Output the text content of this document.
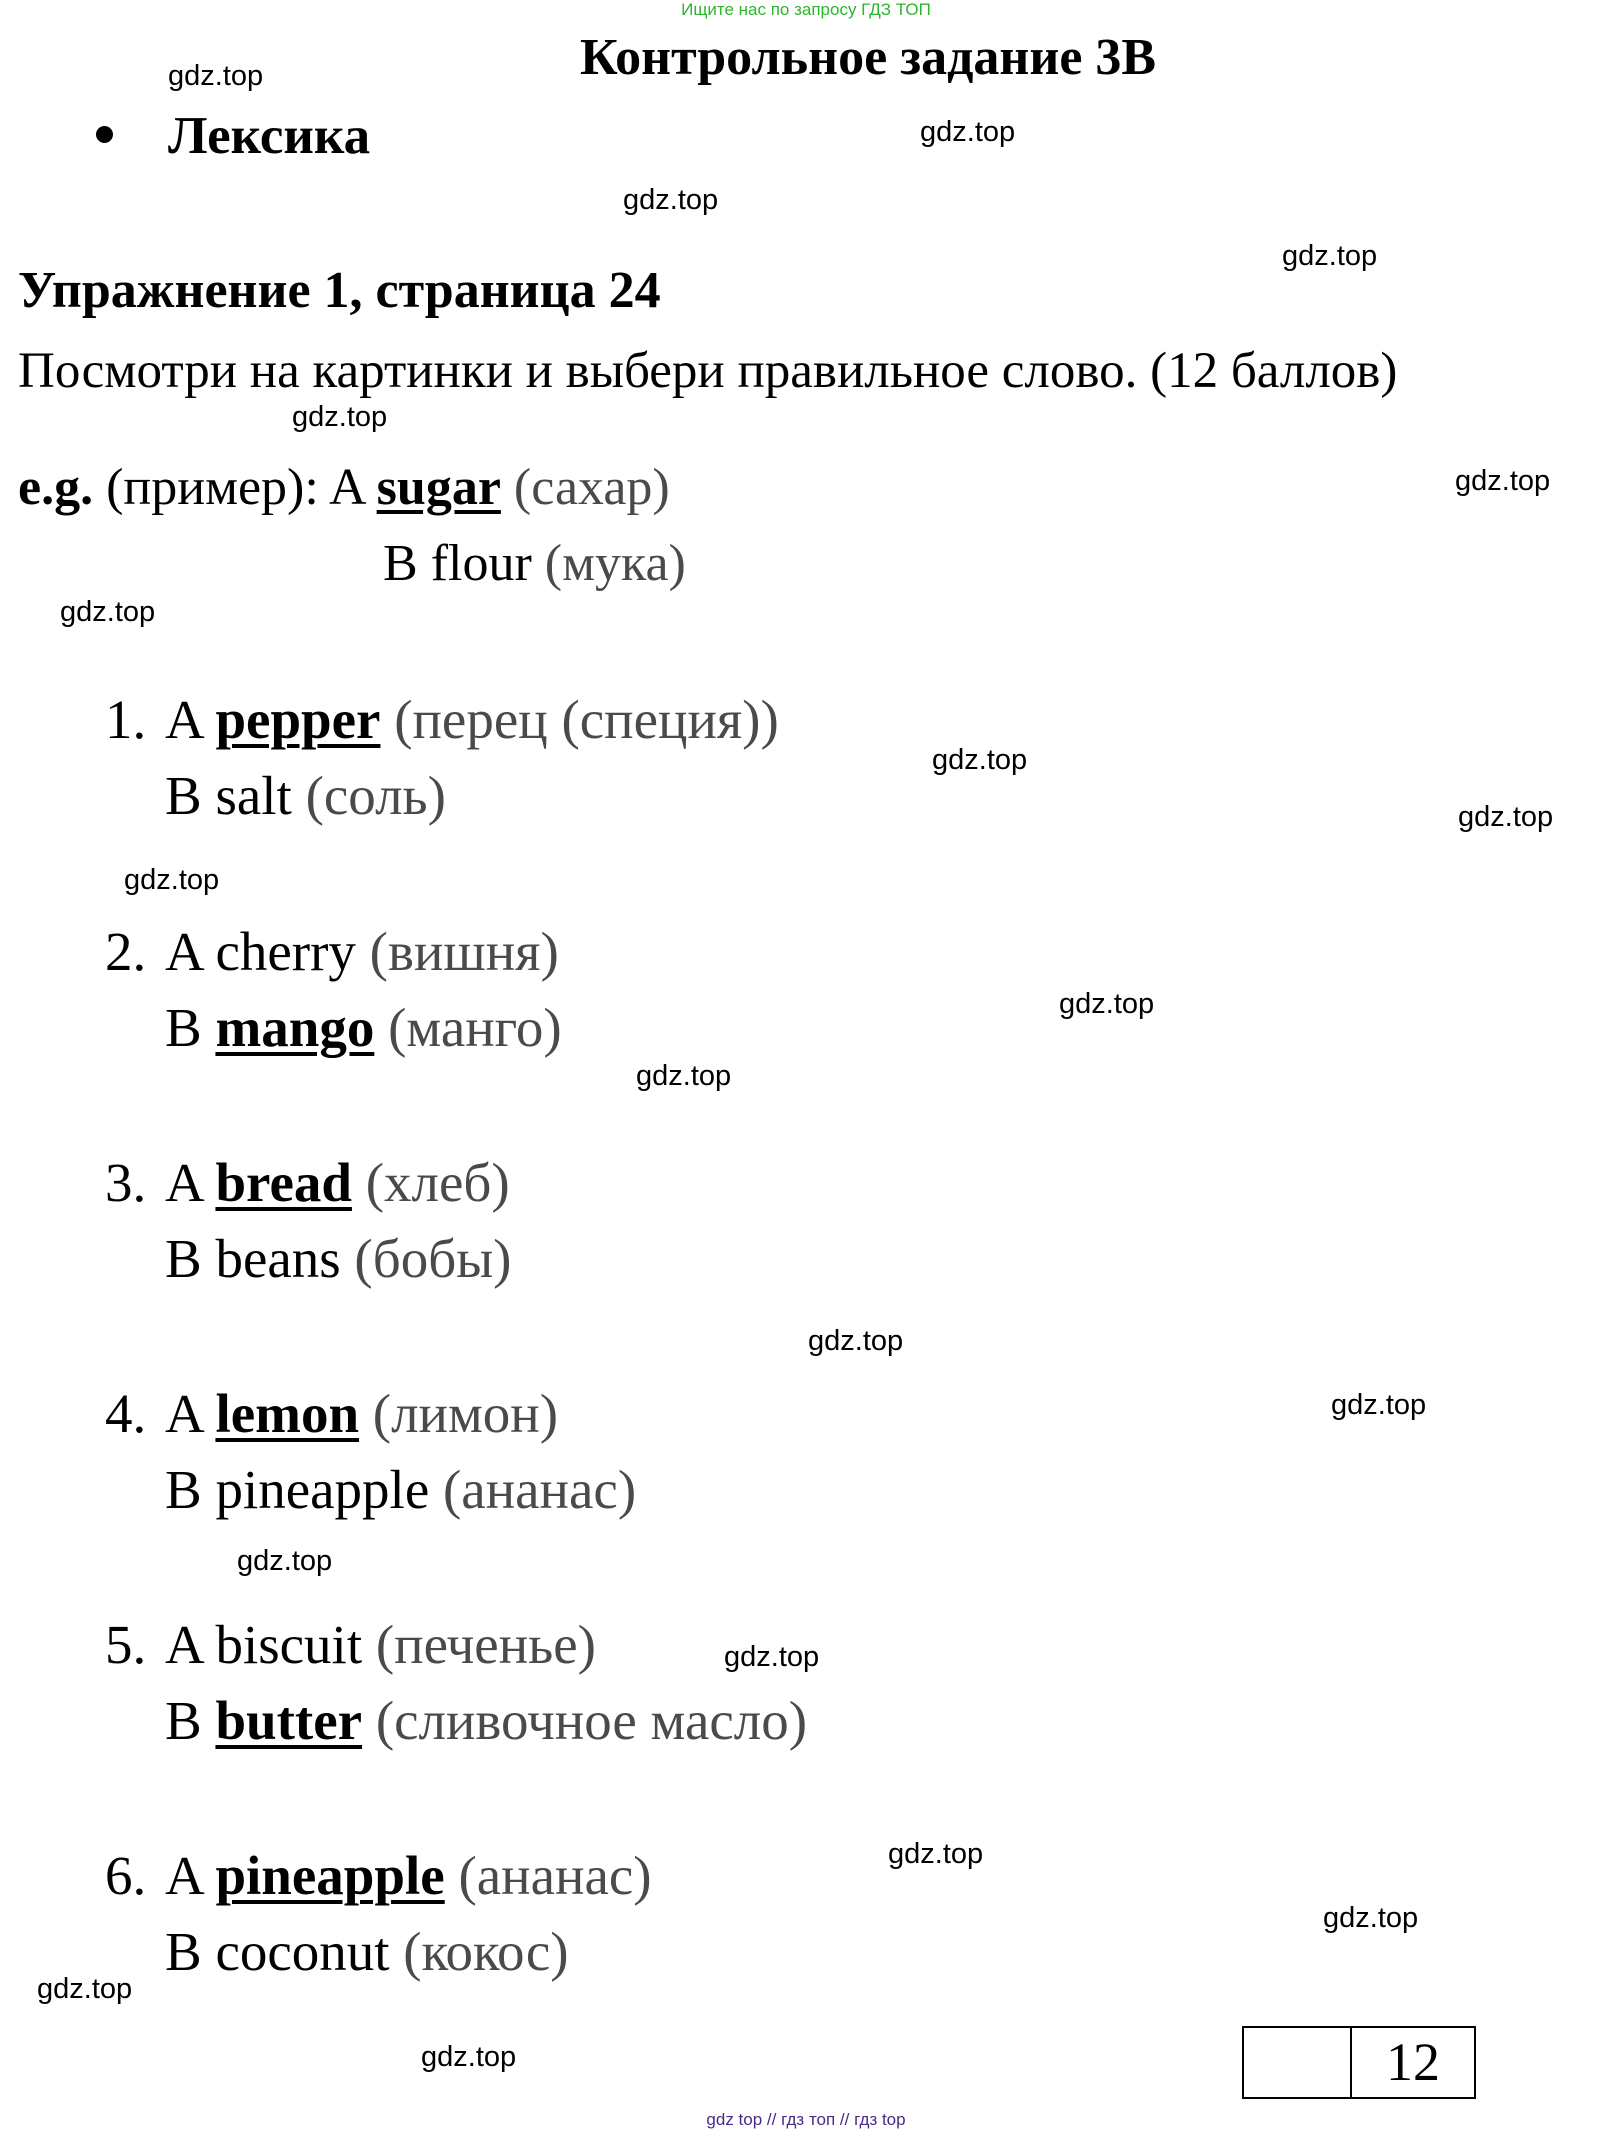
Ищите нас по запросу ГДЗ ТОП
Контрольное задание 3В
Лексика
Упражнение 1, страница 24
Посмотри на картинки и выбери правильное слово. (12 баллов)
e.g. (пример): A sugar (сахар)
B flour (мука)
1. A pepper (перец (специя))
B salt (соль)
2. A cherry (вишня)
B mango (манго)
3. A bread (хлеб)
B beans (бобы)
4. A lemon (лимон)
B pineapple (ананас)
5. A biscuit (печенье)
B butter (сливочное масло)
6. A pineapple (ананас)
B coconut (кокос)
gdz.top
gdz.top
gdz.top
gdz.top
gdz.top
gdz.top
gdz.top
gdz.top
gdz.top
gdz.top
gdz.top
gdz.top
gdz.top
gdz.top
gdz.top
gdz.top
gdz.top
gdz.top
gdz.top
gdz.top	12
gdz top // гдз топ // гдз top
